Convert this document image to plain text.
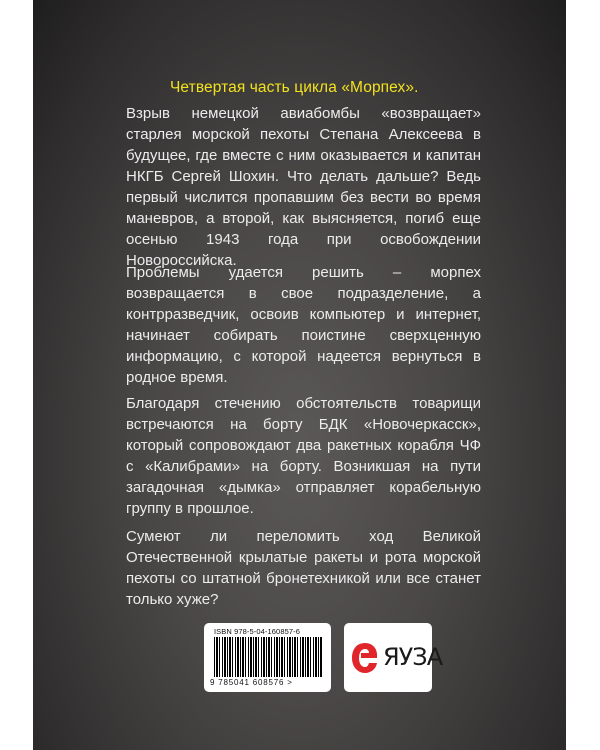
Четвертая часть цикла «Морпех».

Взрыв немецкой авиабомбы «возвращает» старлея морской пехоты Степана Алексеева в будущее, где вместе с ним оказывается и капитан НКГБ Сергей Шохин. Что делать дальше? Ведь первый числится пропавшим без вести во время маневров, а второй, как выясняется, погиб еще осенью 1943 года при освобождении Новороссийска.

Проблемы удается решить – морпех возвращается в свое подразделение, а контрразведчик, освоив компьютер и интернет, начинает собирать поистине сверхценную информацию, с которой надеется вернуться в родное время.

Благодаря стечению обстоятельств товарищи встречаются на борту БДК «Новочеркасск», который сопровождают два ракетных корабля ЧФ с «Калибрами» на борту. Возникшая на пути загадочная «дымка» отправляет корабельную группу в прошлое.

Сумеют ли переломить ход Великой Отечественной крылатые ракеты и рота морской пехоты со штатной бронетехникой или все станет только хуже?

ISBN 978-5-04-160857-6
9 785041 608576 >
ЯУЗА
